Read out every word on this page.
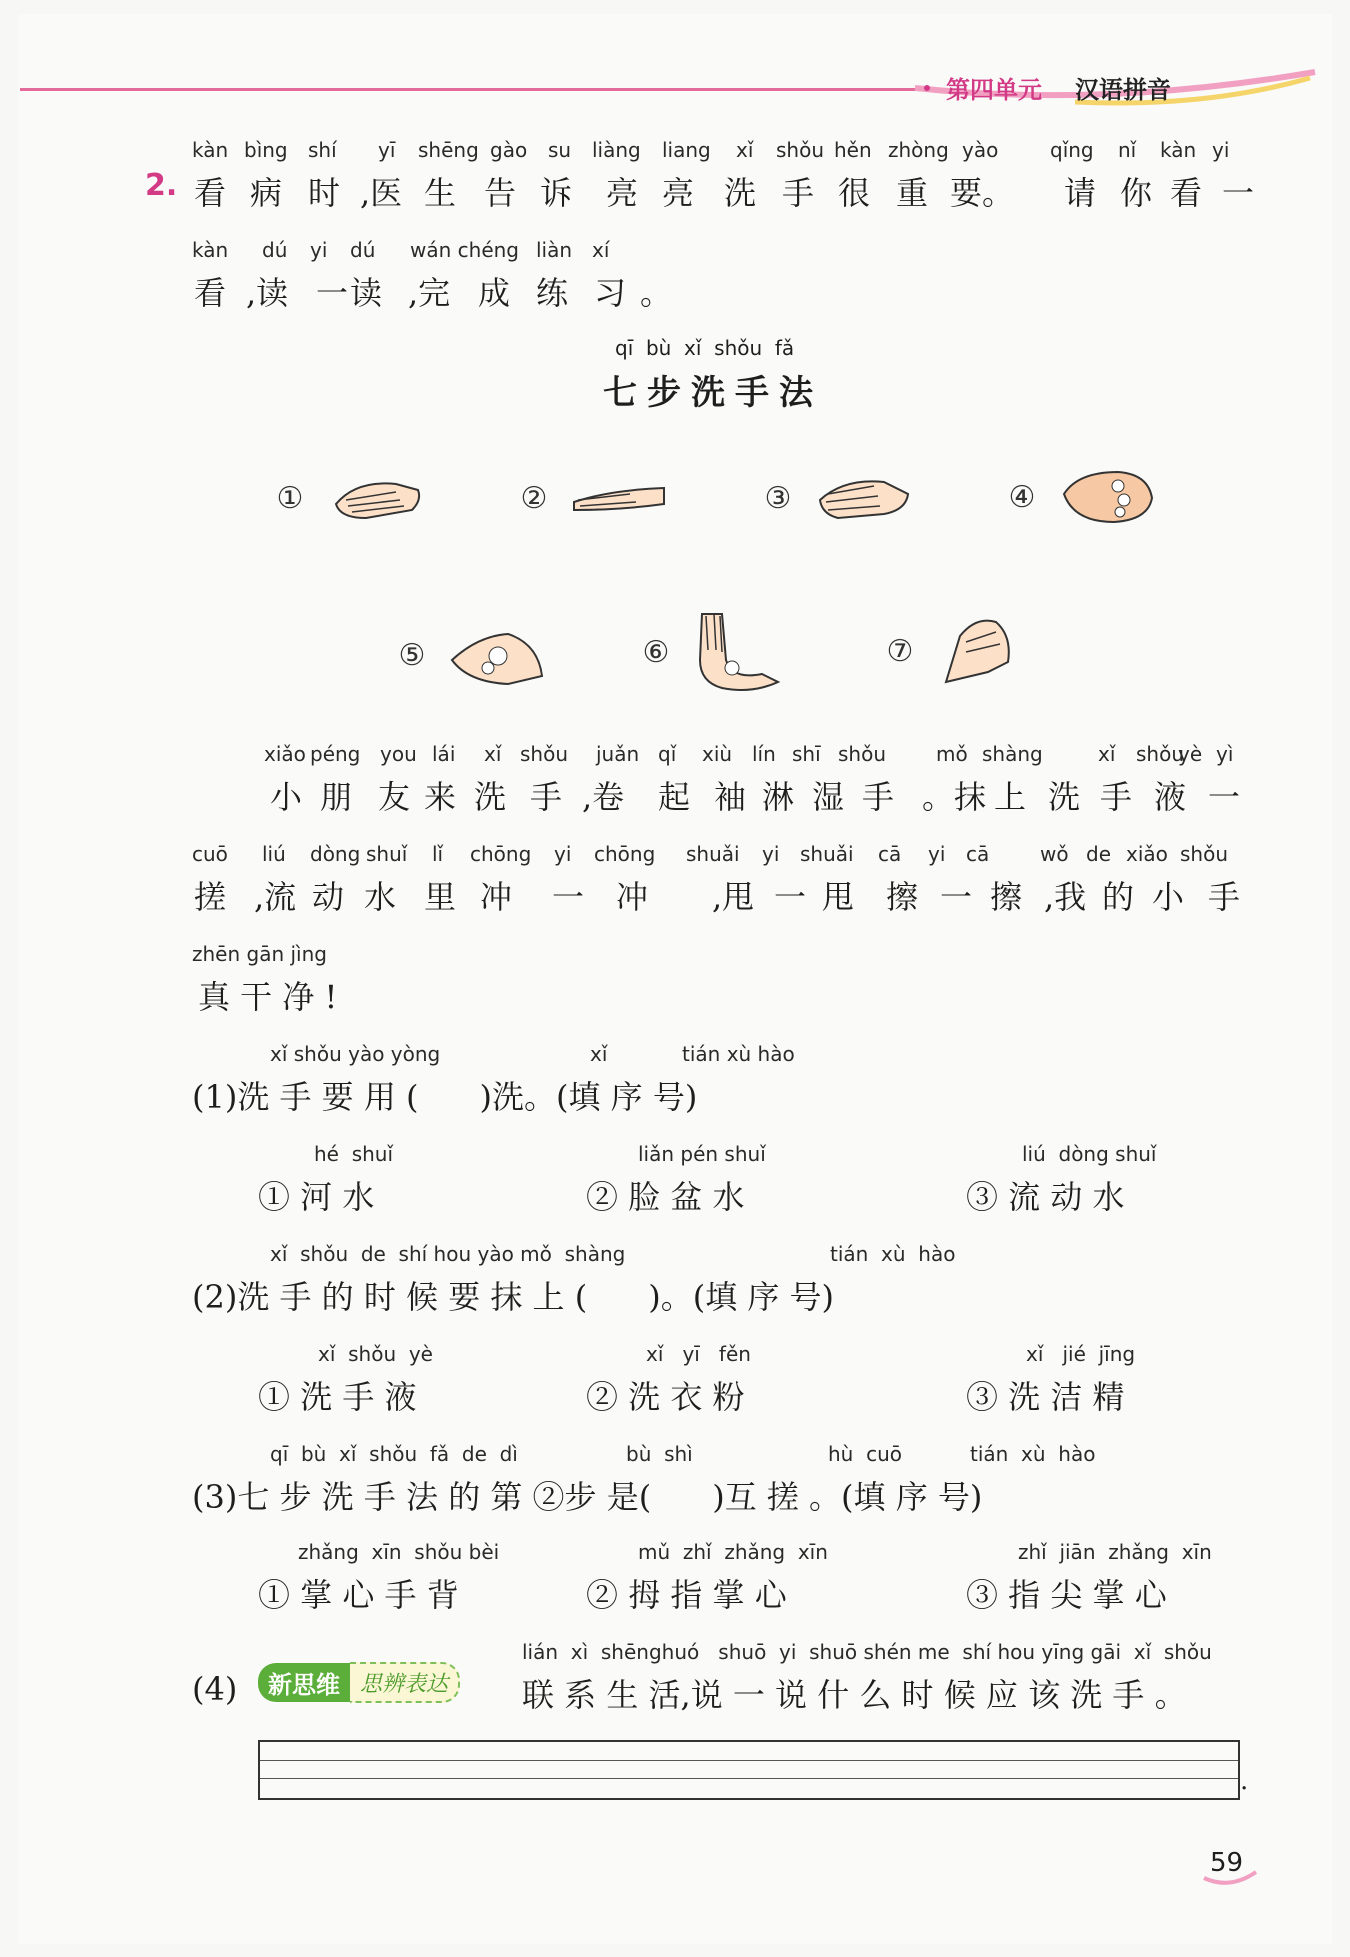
第四单元 汉语拼音
2.
kàn bìng shí yī shēng gào su liàng liang xǐ shǒu hěn zhòng yào	qǐng nǐ kàn yi
看 病 时 ,医 生 告 诉 亮 亮 洗 手 很 重 要。 请 你 看 一
kàn dú yi dú wán chéng liàn xí
看 ,读 一 读 ,完 成 练 习 。
qī  bù  xǐ  shǒu  fǎ
七步洗手法
①	②	③	④
⑤	⑥	⑦
xiǎo péng you lái xǐ shǒu juǎn qǐ xiù lín shī shǒu mǒ shàng	xǐ shǒu
yè yì
小 朋 友 来 洗 手 ,卷 起 袖 淋 湿 手 。抹 上 洗 手 液 一
cuō liú dòng shuǐ lǐ chōng yi chōng shuǎi yi shuǎi cā yi cā	wǒ de xiǎo shǒu
搓 ,流 动 水 里 冲 一 冲 ,甩 一 甩 擦 一 擦 ,我 的 小 手
zhēn gān jìng
真 干 净 !
xǐ shǒu yào yòng	xǐ	tián xù hào
(1)洗 手 要 用 (      )洗。(填 序 号)
hé  shuǐ
① 河 水
liǎn pén shuǐ
② 脸 盆 水
liú  dòng shuǐ
③ 流 动 水
xǐ  shǒu  de  shí hou yào mǒ  shàng	tián  xù  hào
(2)洗 手 的 时 候 要 抹 上 (      )。(填 序 号)
xǐ  shǒu  yè
① 洗 手 液
xǐ   yī   fěn
② 洗 衣 粉
xǐ   jié  jīng
③ 洗 洁 精
qī  bù  xǐ  shǒu  fǎ  de  dì	bù  shì	hù  cuō	tián  xù  hào
(3)七 步 洗 手 法 的 第 ②步 是(      )互 搓 。(填 序 号)
zhǎng  xīn  shǒu bèi
① 掌 心 手 背
mǔ  zhǐ  zhǎng  xīn
② 拇 指 掌 心
zhǐ  jiān  zhǎng  xīn
③ 指 尖 掌 心
(4)
lián  xì  shēnghuó   shuō  yi  shuō shén me  shí hou yīng gāi  xǐ  shǒu
联 系 生 活,说 一 说 什 么 时 候 应 该 洗 手 。
新思维 思辨表达
.
59
